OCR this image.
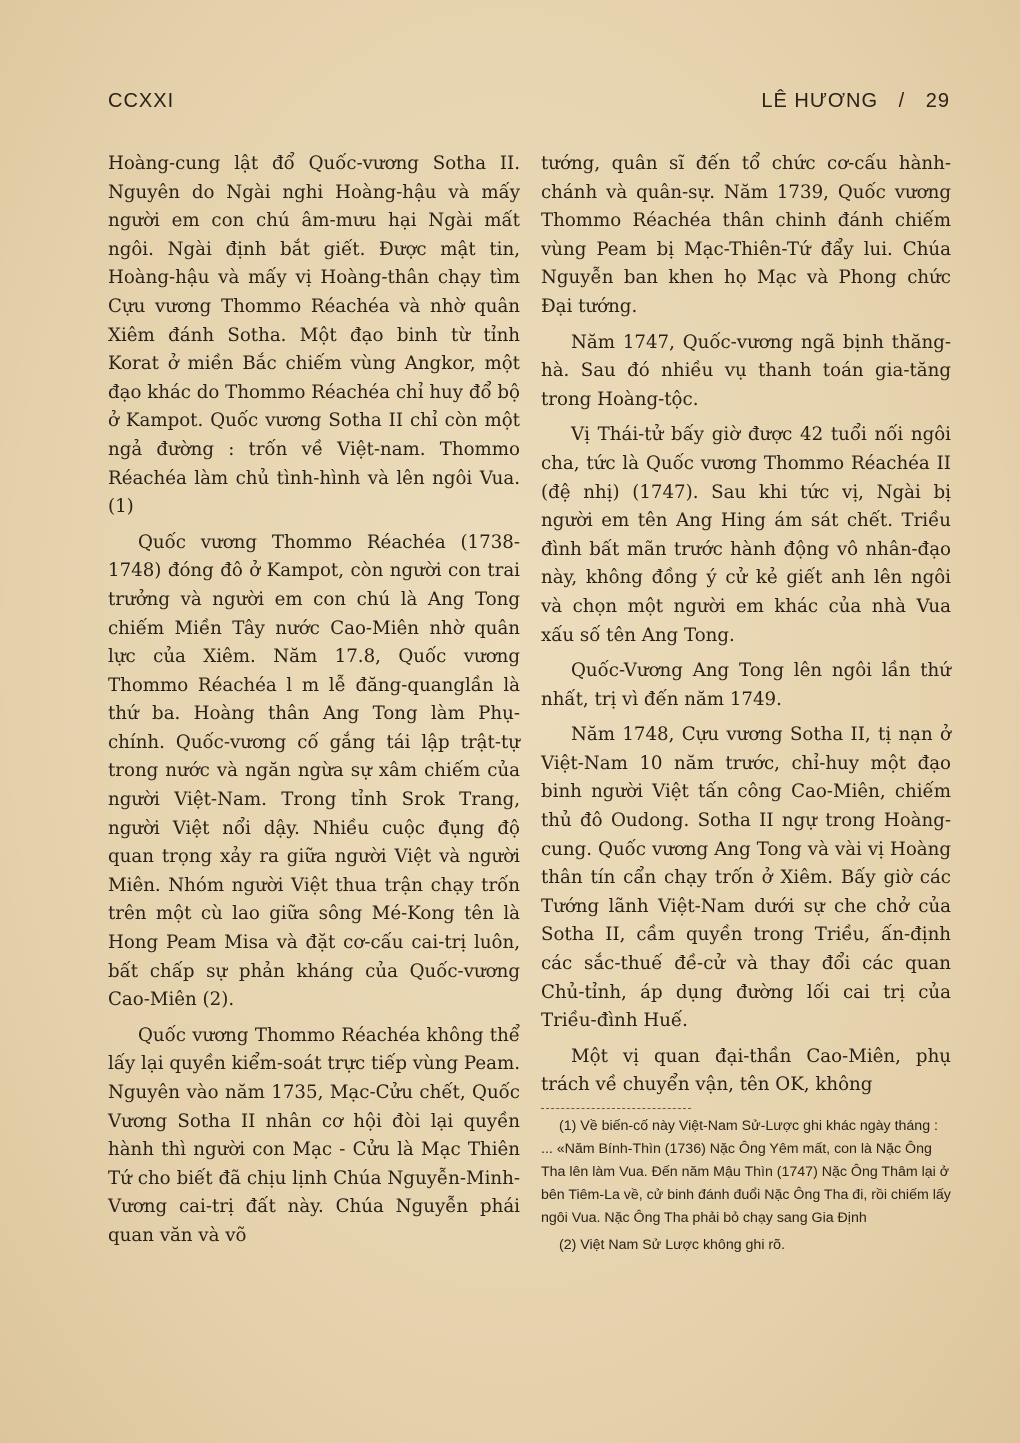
CCXXI	LÊ HƯƠNG / 29

Hoàng-cung lật đổ Quốc-vương Sotha II. Nguyên do Ngài nghi Hoàng-hậu và mấy người em con chú âm-mưu hại Ngài mất ngôi. Ngài định bắt giết. Được mật tin, Hoàng-hậu và mấy vị Hoàng-thân chạy tìm Cựu vương Thommo Réachéa và nhờ quân Xiêm đánh Sotha. Một đạo binh từ tỉnh Korat ở miền Bắc chiếm vùng Angkor, một đạo khác do Thommo Réachéa chỉ huy đổ bộ ở Kampot. Quốc vương Sotha II chỉ còn một ngả đường : trốn về Việt-nam. Thommo Réachéa làm chủ tình-hình và lên ngôi Vua. (1)

Quốc vương Thommo Réachéa (1738-1748) đóng đô ở Kampot, còn người con trai trưởng và người em con chú là Ang Tong chiếm Miền Tây nước Cao-Miên nhờ quân lực của Xiêm. Năm 17.8, Quốc vương Thommo Réachéa l m lễ đăng-quanglần là thứ ba. Hoàng thân Ang Tong làm Phụ-chính. Quốc-vương cố gắng tái lập trật-tự trong nước và ngăn ngừa sự xâm chiếm của người Việt-Nam. Trong tỉnh Srok Trang, người Việt nổi dậy. Nhiều cuộc đụng độ quan trọng xảy ra giữa người Việt và người Miên. Nhóm người Việt thua trận chạy trốn trên một cù lao giữa sông Mé-Kong tên là Hong Peam Misa và đặt cơ-cấu cai-trị luôn, bất chấp sự phản kháng của Quốc-vương Cao-Miên (2).

Quốc vương Thommo Réachéa không thể lấy lại quyền kiểm-soát trực tiếp vùng Peam. Nguyên vào năm 1735, Mạc-Cửu chết, Quốc Vương Sotha II nhân cơ hội đòi lại quyền hành thì người con Mạc - Cửu là Mạc Thiên Tứ cho biết đã chịu lịnh Chúa Nguyễn-Minh-Vương cai-trị đất này. Chúa Nguyễn phái quan văn và võ

tướng, quân sĩ đến tổ chức cơ-cấu hành-chánh và quân-sự. Năm 1739, Quốc vương Thommo Réachéa thân chinh đánh chiếm vùng Peam bị Mạc-Thiên-Tứ đẩy lui. Chúa Nguyễn ban khen họ Mạc và Phong chức Đại tướng.

Năm 1747, Quốc-vương ngã bịnh thăng-hà. Sau đó nhiều vụ thanh toán gia-tăng trong Hoàng-tộc.

Vị Thái-tử bấy giờ được 42 tuổi nối ngôi cha, tức là Quốc vương Thommo Réachéa II (đệ nhị) (1747). Sau khi tức vị, Ngài bị người em tên Ang Hing ám sát chết. Triều đình bất mãn trước hành động vô nhân-đạo này, không đồng ý cử kẻ giết anh lên ngôi và chọn một người em khác của nhà Vua xấu số tên Ang Tong.

Quốc-Vương Ang Tong lên ngôi lần thứ nhất, trị vì đến năm 1749.

Năm 1748, Cựu vương Sotha II, tị nạn ở Việt-Nam 10 năm trước, chỉ-huy một đạo binh người Việt tấn công Cao-Miên, chiếm thủ đô Oudong. Sotha II ngự trong Hoàng-cung. Quốc vương Ang Tong và vài vị Hoàng thân tín cẩn chạy trốn ở Xiêm. Bấy giờ các Tướng lãnh Việt-Nam dưới sự che chở của Sotha II, cầm quyền trong Triều, ấn-định các sắc-thuế đề-cử và thay đổi các quan Chủ-tỉnh, áp dụng đường lối cai trị của Triều-đình Huế.

Một vị quan đại-thần Cao-Miên, phụ trách về chuyển vận, tên OK, không

(1) Về biến-cố này Việt-Nam Sử-Lược ghi khác ngày tháng : ... «Năm Bính-Thìn (1736) Nặc Ông Yêm mất, con là Nặc Ông Tha lên làm Vua. Đến năm Mậu Thìn (1747) Nặc Ông Thâm lại ở bên Tiêm-La về, cử binh đánh đuổi Nặc Ông Tha đi, rồi chiếm lấy ngôi Vua. Nặc Ông Tha phải bỏ chạy sang Gia Định

(2) Việt Nam Sử Lược không ghi rõ.
